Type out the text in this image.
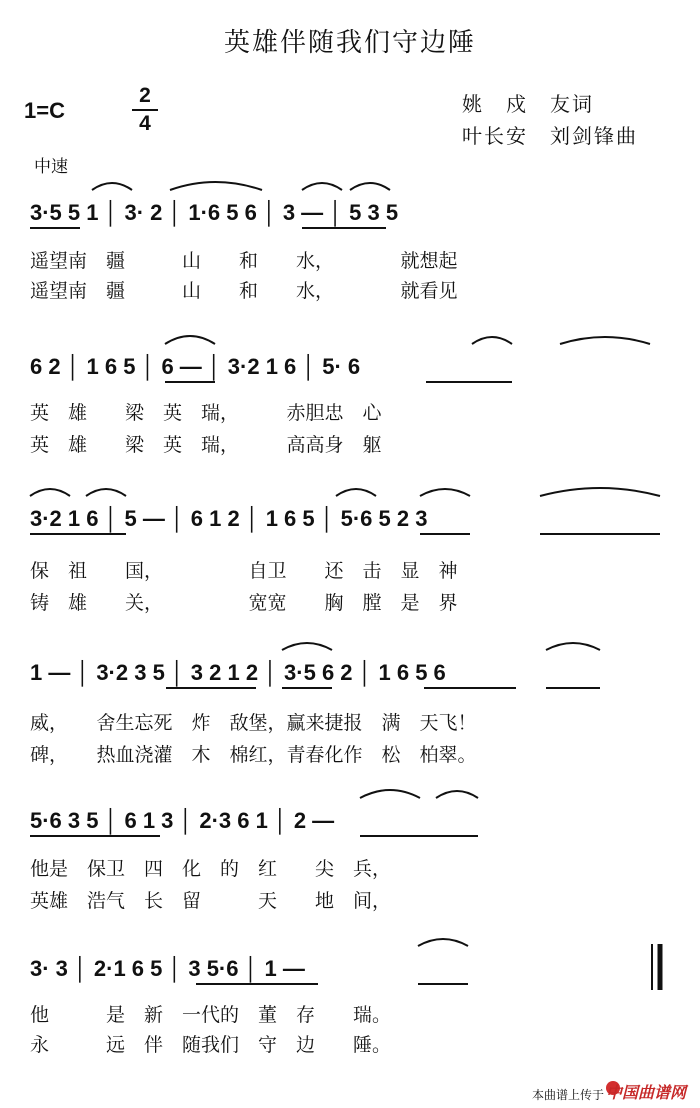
英雄伴随我们守边陲
1=C
2
4
姚　戍　友词
叶长安　刘剑锋曲
中速
3·5 5 1 │ 3· 2 │ 1·6 5 6 │ 3 — │ 5 3 5
遥望南　疆　　　山　　和　　水，　　　　就想起
遥望南　疆　　　山　　和　　水，　　　　就看见
6 2 │ 1 6 5 │ 6 — │ 3·2 1 6 │ 5· 6
英　雄　　梁　英　瑞，　　　赤胆忠　心
英　雄　　梁　英　瑞，　　　高高身　躯
3·2 1 6 │ 5 — │ 6 1 2 │ 1 6 5 │ 5·6 5 2 3
保　祖　　国，　　　　　自卫　　还　击　显　神
铸　雄　　关，　　　　　宽宽　　胸　膛　是　界
1 — │ 3·2 3 5 │ 3 2 1 2 │ 3·5 6 2 │ 1 6 5 6
威，　　舍生忘死　炸　敌堡，赢来捷报　满　天飞！
碑，　　热血浇灌　木　棉红，青春化作　松　柏翠。
5·6 3 5 │ 6 1 3 │ 2·3 6 1 │ 2 —
他是　保卫　四　化　的　红　　尖　兵，
英雄　浩气　长　留　　　天　　地　间，
3· 3 │ 2·1 6 5 │ 3 5·6 │ 1 —
他　　　是　新　一代的　董　存　　瑞。
永　　　远　伴　随我们　守　边　　陲。
本曲谱上传于 中国曲谱网
